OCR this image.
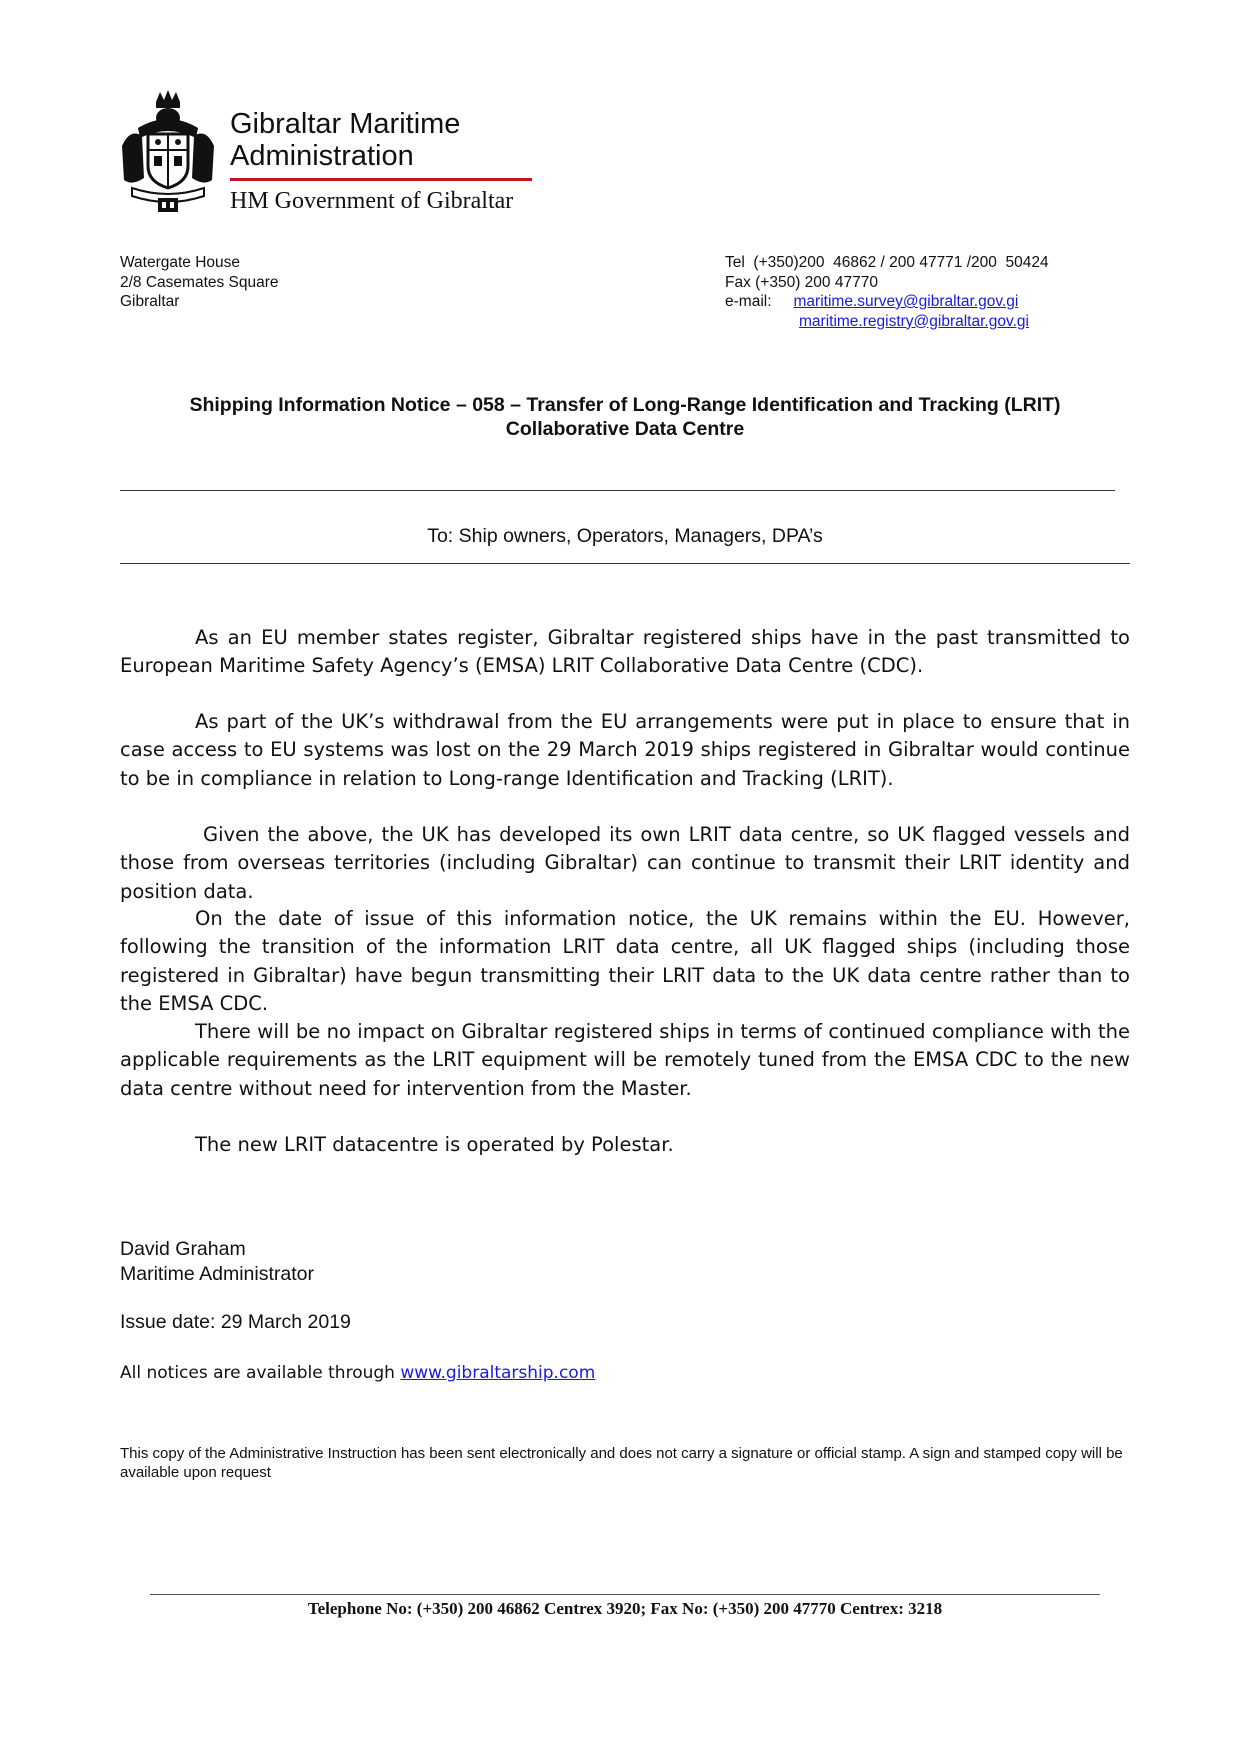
Gibraltar Maritime
Administration
HM Government of Gibraltar
Watergate House
2/8 Casemates Square
Gibraltar
Tel  (+350)200  46862 / 200 47771 /200  50424
Fax (+350) 200 47770
e-mail: maritime.survey@gibraltar.gov.gi
maritime.registry@gibraltar.gov.gi
Shipping Information Notice – 058 – Transfer of Long-Range Identification and Tracking (LRIT)
Collaborative Data Centre
To: Ship owners, Operators, Managers, DPA’s
As an EU member states register, Gibraltar registered ships have in the past transmitted to European Maritime Safety Agency’s (EMSA) LRIT Collaborative Data Centre (CDC).
As part of the UK’s withdrawal from the EU arrangements were put in place to ensure that in case access to EU systems was lost on the 29 March 2019 ships registered in Gibraltar would continue to be in compliance in relation to Long-range Identification and Tracking (LRIT).
Given the above, the UK has developed its own LRIT data centre, so UK flagged vessels and those from overseas territories (including Gibraltar) can continue to transmit their LRIT identity and position data.
On the date of issue of this information notice, the UK remains within the EU. However, following the transition of the information LRIT data centre, all UK flagged ships (including those registered in Gibraltar) have begun transmitting their LRIT data to the UK data centre rather than to the EMSA CDC.
There will be no impact on Gibraltar registered ships in terms of continued compliance with the applicable requirements as the LRIT equipment will be remotely tuned from the EMSA CDC to the new data centre without need for intervention from the Master.
The new LRIT datacentre is operated by Polestar.
David Graham
Maritime Administrator
Issue date: 29 March 2019
All notices are available through www.gibraltarship.com
This copy of the Administrative Instruction has been sent electronically and does not carry a signature or official stamp. A sign and stamped copy will be available upon request
Telephone No: (+350) 200 46862 Centrex 3920; Fax No: (+350) 200 47770 Centrex: 3218
